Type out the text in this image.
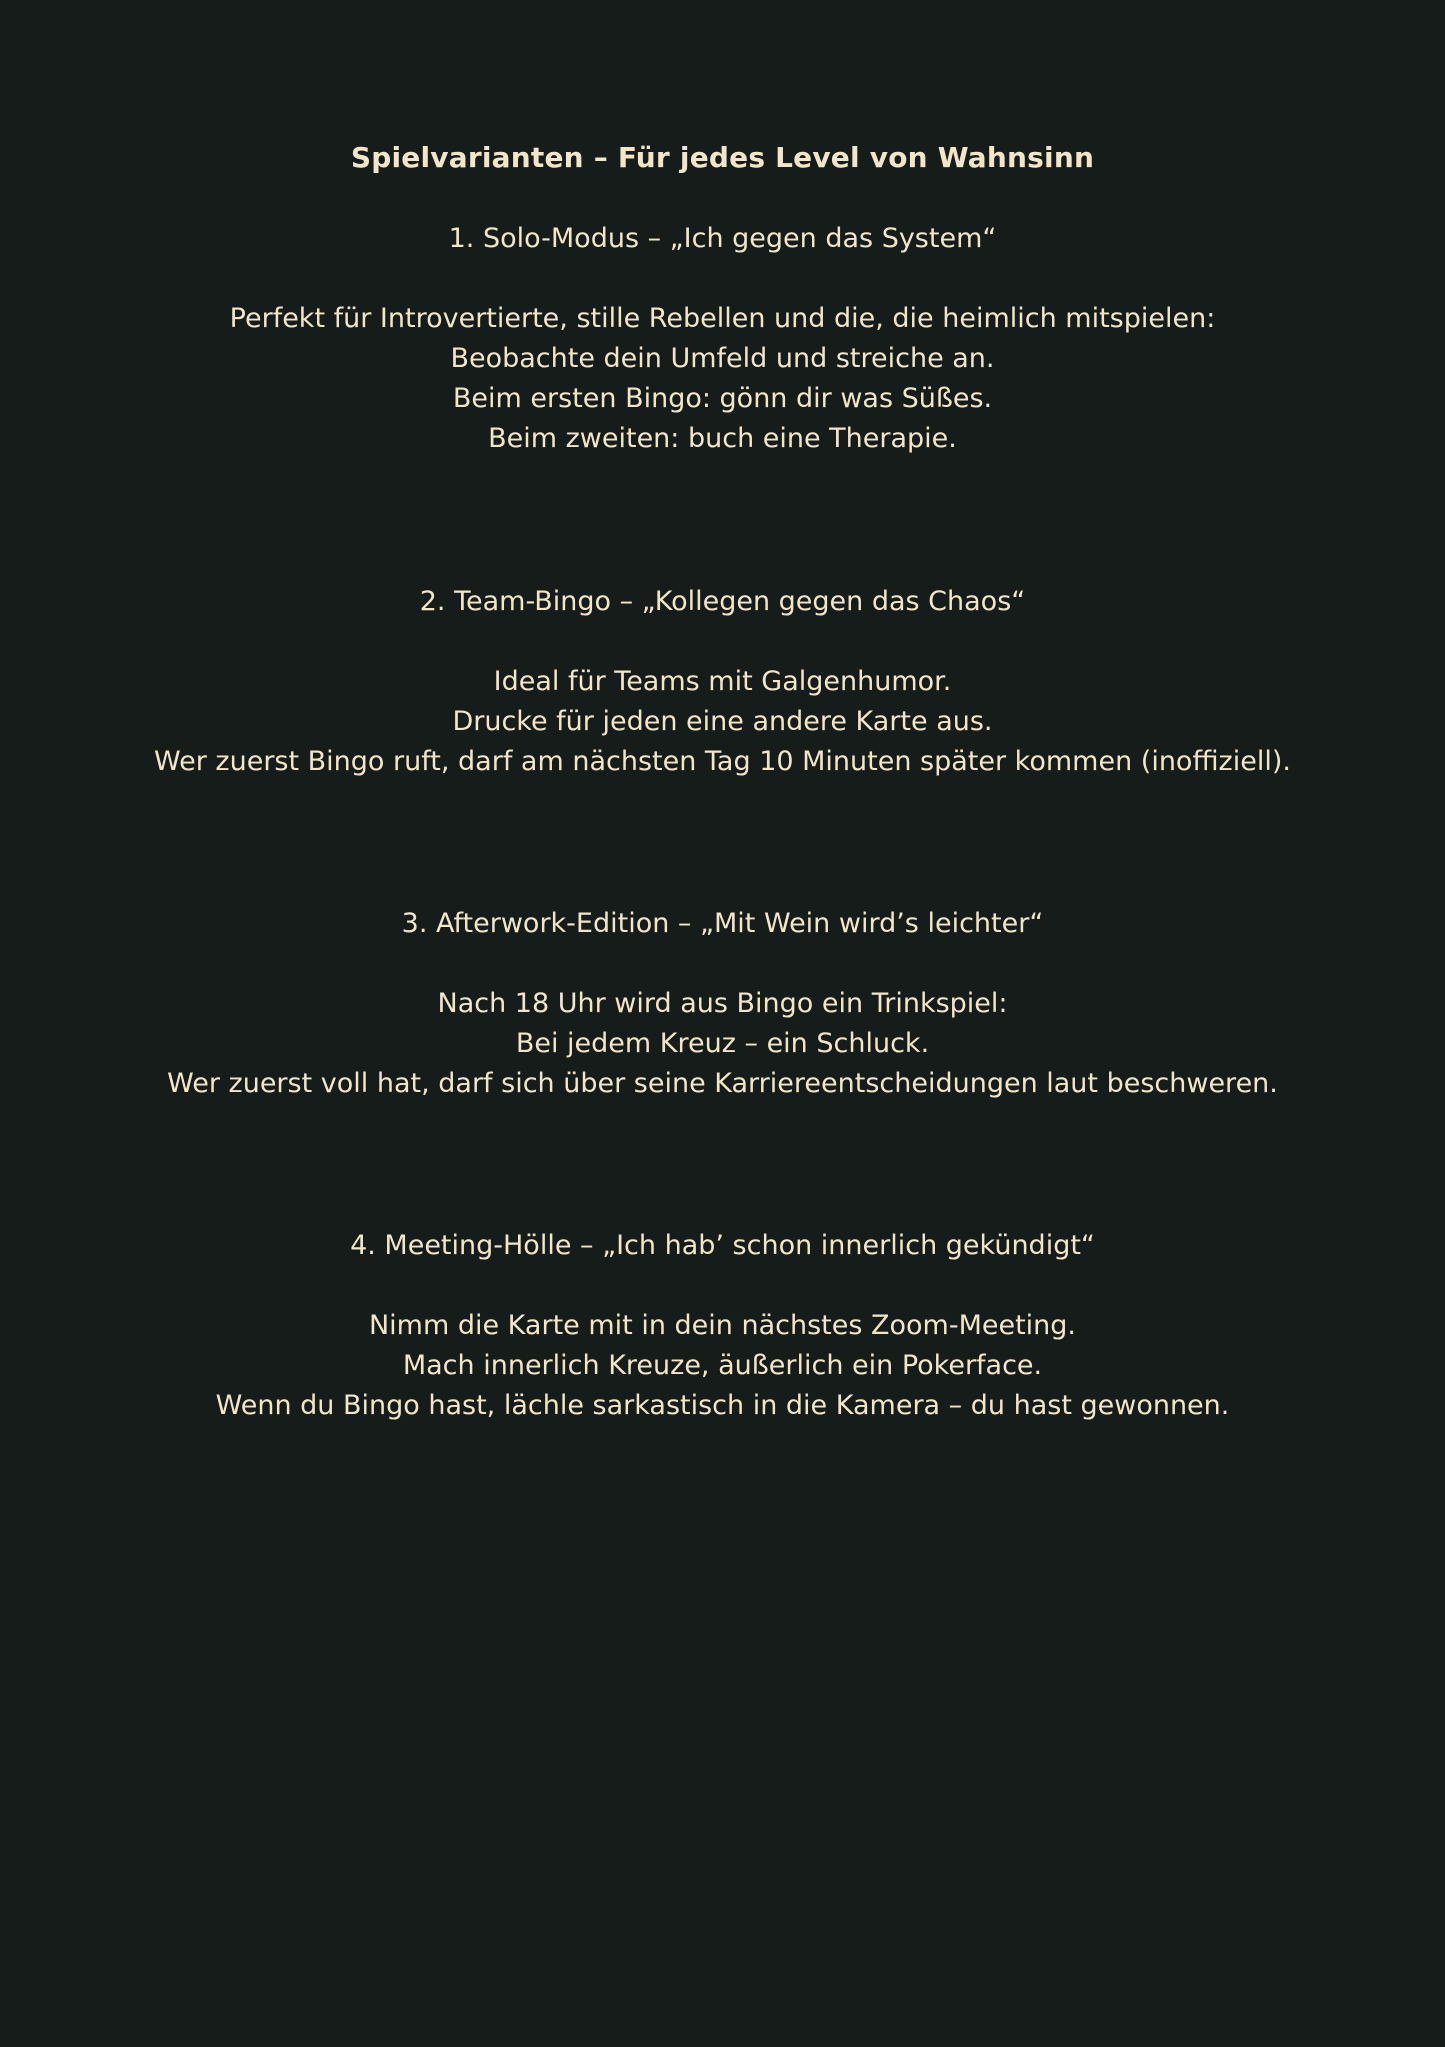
Spielvarianten – Für jedes Level von Wahnsinn

1. Solo-Modus – „Ich gegen das System“

Perfekt für Introvertierte, stille Rebellen und die, die heimlich mitspielen:
Beobachte dein Umfeld und streiche an.
Beim ersten Bingo: gönn dir was Süßes.
Beim zweiten: buch eine Therapie.

2. Team-Bingo – „Kollegen gegen das Chaos“

Ideal für Teams mit Galgenhumor.
Drucke für jeden eine andere Karte aus.
Wer zuerst Bingo ruft, darf am nächsten Tag 10 Minuten später kommen (inoffiziell).

3. Afterwork-Edition – „Mit Wein wird’s leichter“

Nach 18 Uhr wird aus Bingo ein Trinkspiel:
Bei jedem Kreuz – ein Schluck.
Wer zuerst voll hat, darf sich über seine Karriereentscheidungen laut beschweren.

4. Meeting-Hölle – „Ich hab’ schon innerlich gekündigt“

Nimm die Karte mit in dein nächstes Zoom-Meeting.
Mach innerlich Kreuze, äußerlich ein Pokerface.
Wenn du Bingo hast, lächle sarkastisch in die Kamera – du hast gewonnen.
